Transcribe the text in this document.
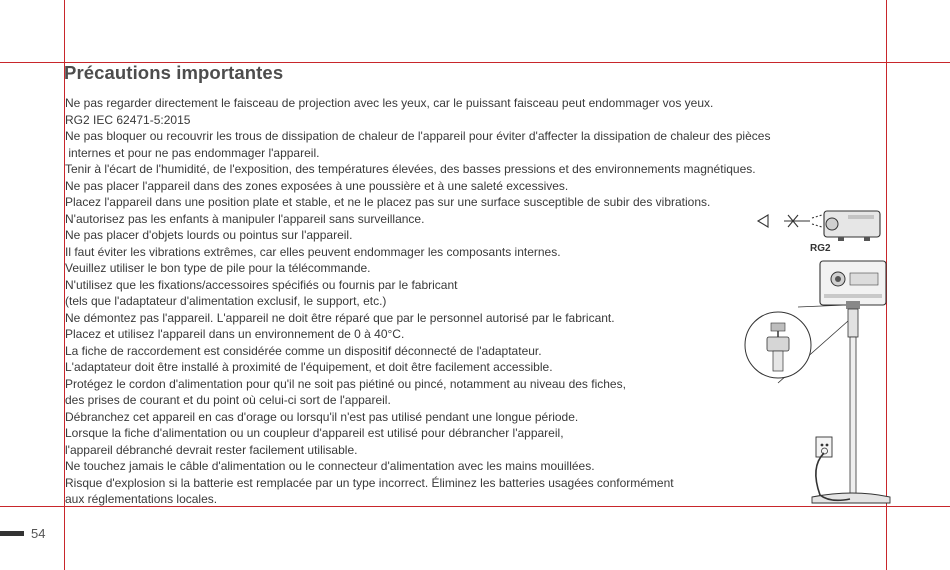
Précautions importantes
Ne pas regarder directement le faisceau de projection avec les yeux, car le puissant faisceau peut endommager vos yeux.
RG2 IEC 62471-5:2015
Ne pas bloquer ou recouvrir les trous de dissipation de chaleur de l'appareil pour éviter d'affecter la dissipation de chaleur des pièces
internes et pour ne pas endommager l'appareil.
Tenir à l'écart de l'humidité, de l'exposition, des températures élevées, des basses pressions et des environnements magnétiques.
Ne pas placer l'appareil dans des zones exposées à une poussière et à une saleté excessives.
Placez l'appareil dans une position plate et stable, et ne le placez pas sur une surface susceptible de subir des vibrations.
N'autorisez pas les enfants à manipuler l'appareil sans surveillance.
Ne pas placer d'objets lourds ou pointus sur l'appareil.
Il faut éviter les vibrations extrêmes, car elles peuvent endommager les composants internes.
Veuillez utiliser le bon type de pile pour la télécommande.
N'utilisez que les fixations/accessoires spécifiés ou fournis par le fabricant
(tels que l'adaptateur d'alimentation exclusif, le support, etc.)
Ne démontez pas l'appareil. L'appareil ne doit être réparé que par le personnel autorisé par le fabricant.
Placez et utilisez l'appareil dans un environnement de 0 à 40°C.
La fiche de raccordement est considérée comme un dispositif déconnecté de l'adaptateur.
L'adaptateur doit être installé à proximité de l'équipement, et doit être facilement accessible.
Protégez le cordon d'alimentation pour qu'il ne soit pas piétiné ou pincé, notamment au niveau des fiches,
des prises de courant et du point où celui-ci sort de l'appareil.
Débranchez cet appareil en cas d'orage ou lorsqu'il n'est pas utilisé pendant une longue période.
Lorsque la fiche d'alimentation ou un coupleur d'appareil est utilisé pour débrancher l'appareil,
l'appareil débranché devrait rester facilement utilisable.
Ne touchez jamais le câble d'alimentation ou le connecteur d'alimentation avec les mains mouillées.
Risque d'explosion si la batterie est remplacée par un type incorrect. Éliminez les batteries usagées conformément
aux réglementations locales.
RG2
54
